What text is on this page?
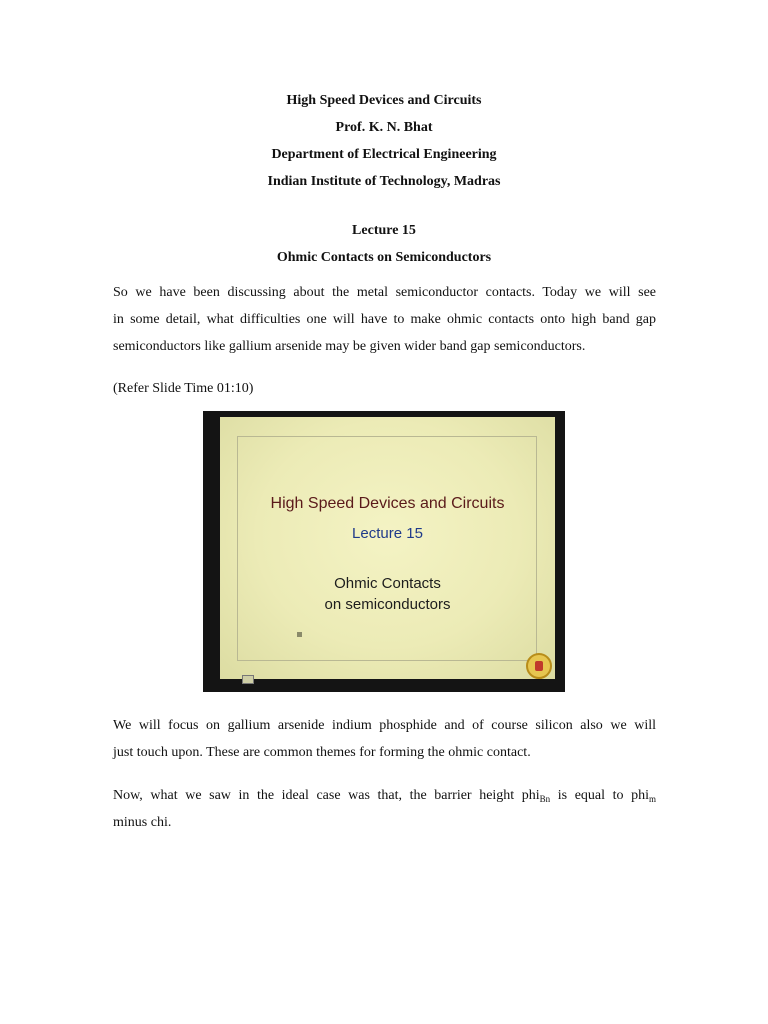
High Speed Devices and Circuits
Prof. K. N. Bhat
Department of Electrical Engineering
Indian Institute of Technology, Madras
Lecture 15
Ohmic Contacts on Semiconductors
So we have been discussing about the metal semiconductor contacts. Today we will see
in some detail, what difficulties one will have to make ohmic contacts onto high band gap
semiconductors like gallium arsenide may be given wider band gap semiconductors.
(Refer Slide Time 01:10)
High Speed Devices and Circuits
Lecture 15
Ohmic Contacts
on semiconductors
We will focus on gallium arsenide indium phosphide and of course silicon also we will
just touch upon. These are common themes for forming the ohmic contact.
Now, what we saw in the ideal case was that, the barrier height phi$_{Bn}$ is equal to phi$_m$
minus chi.
